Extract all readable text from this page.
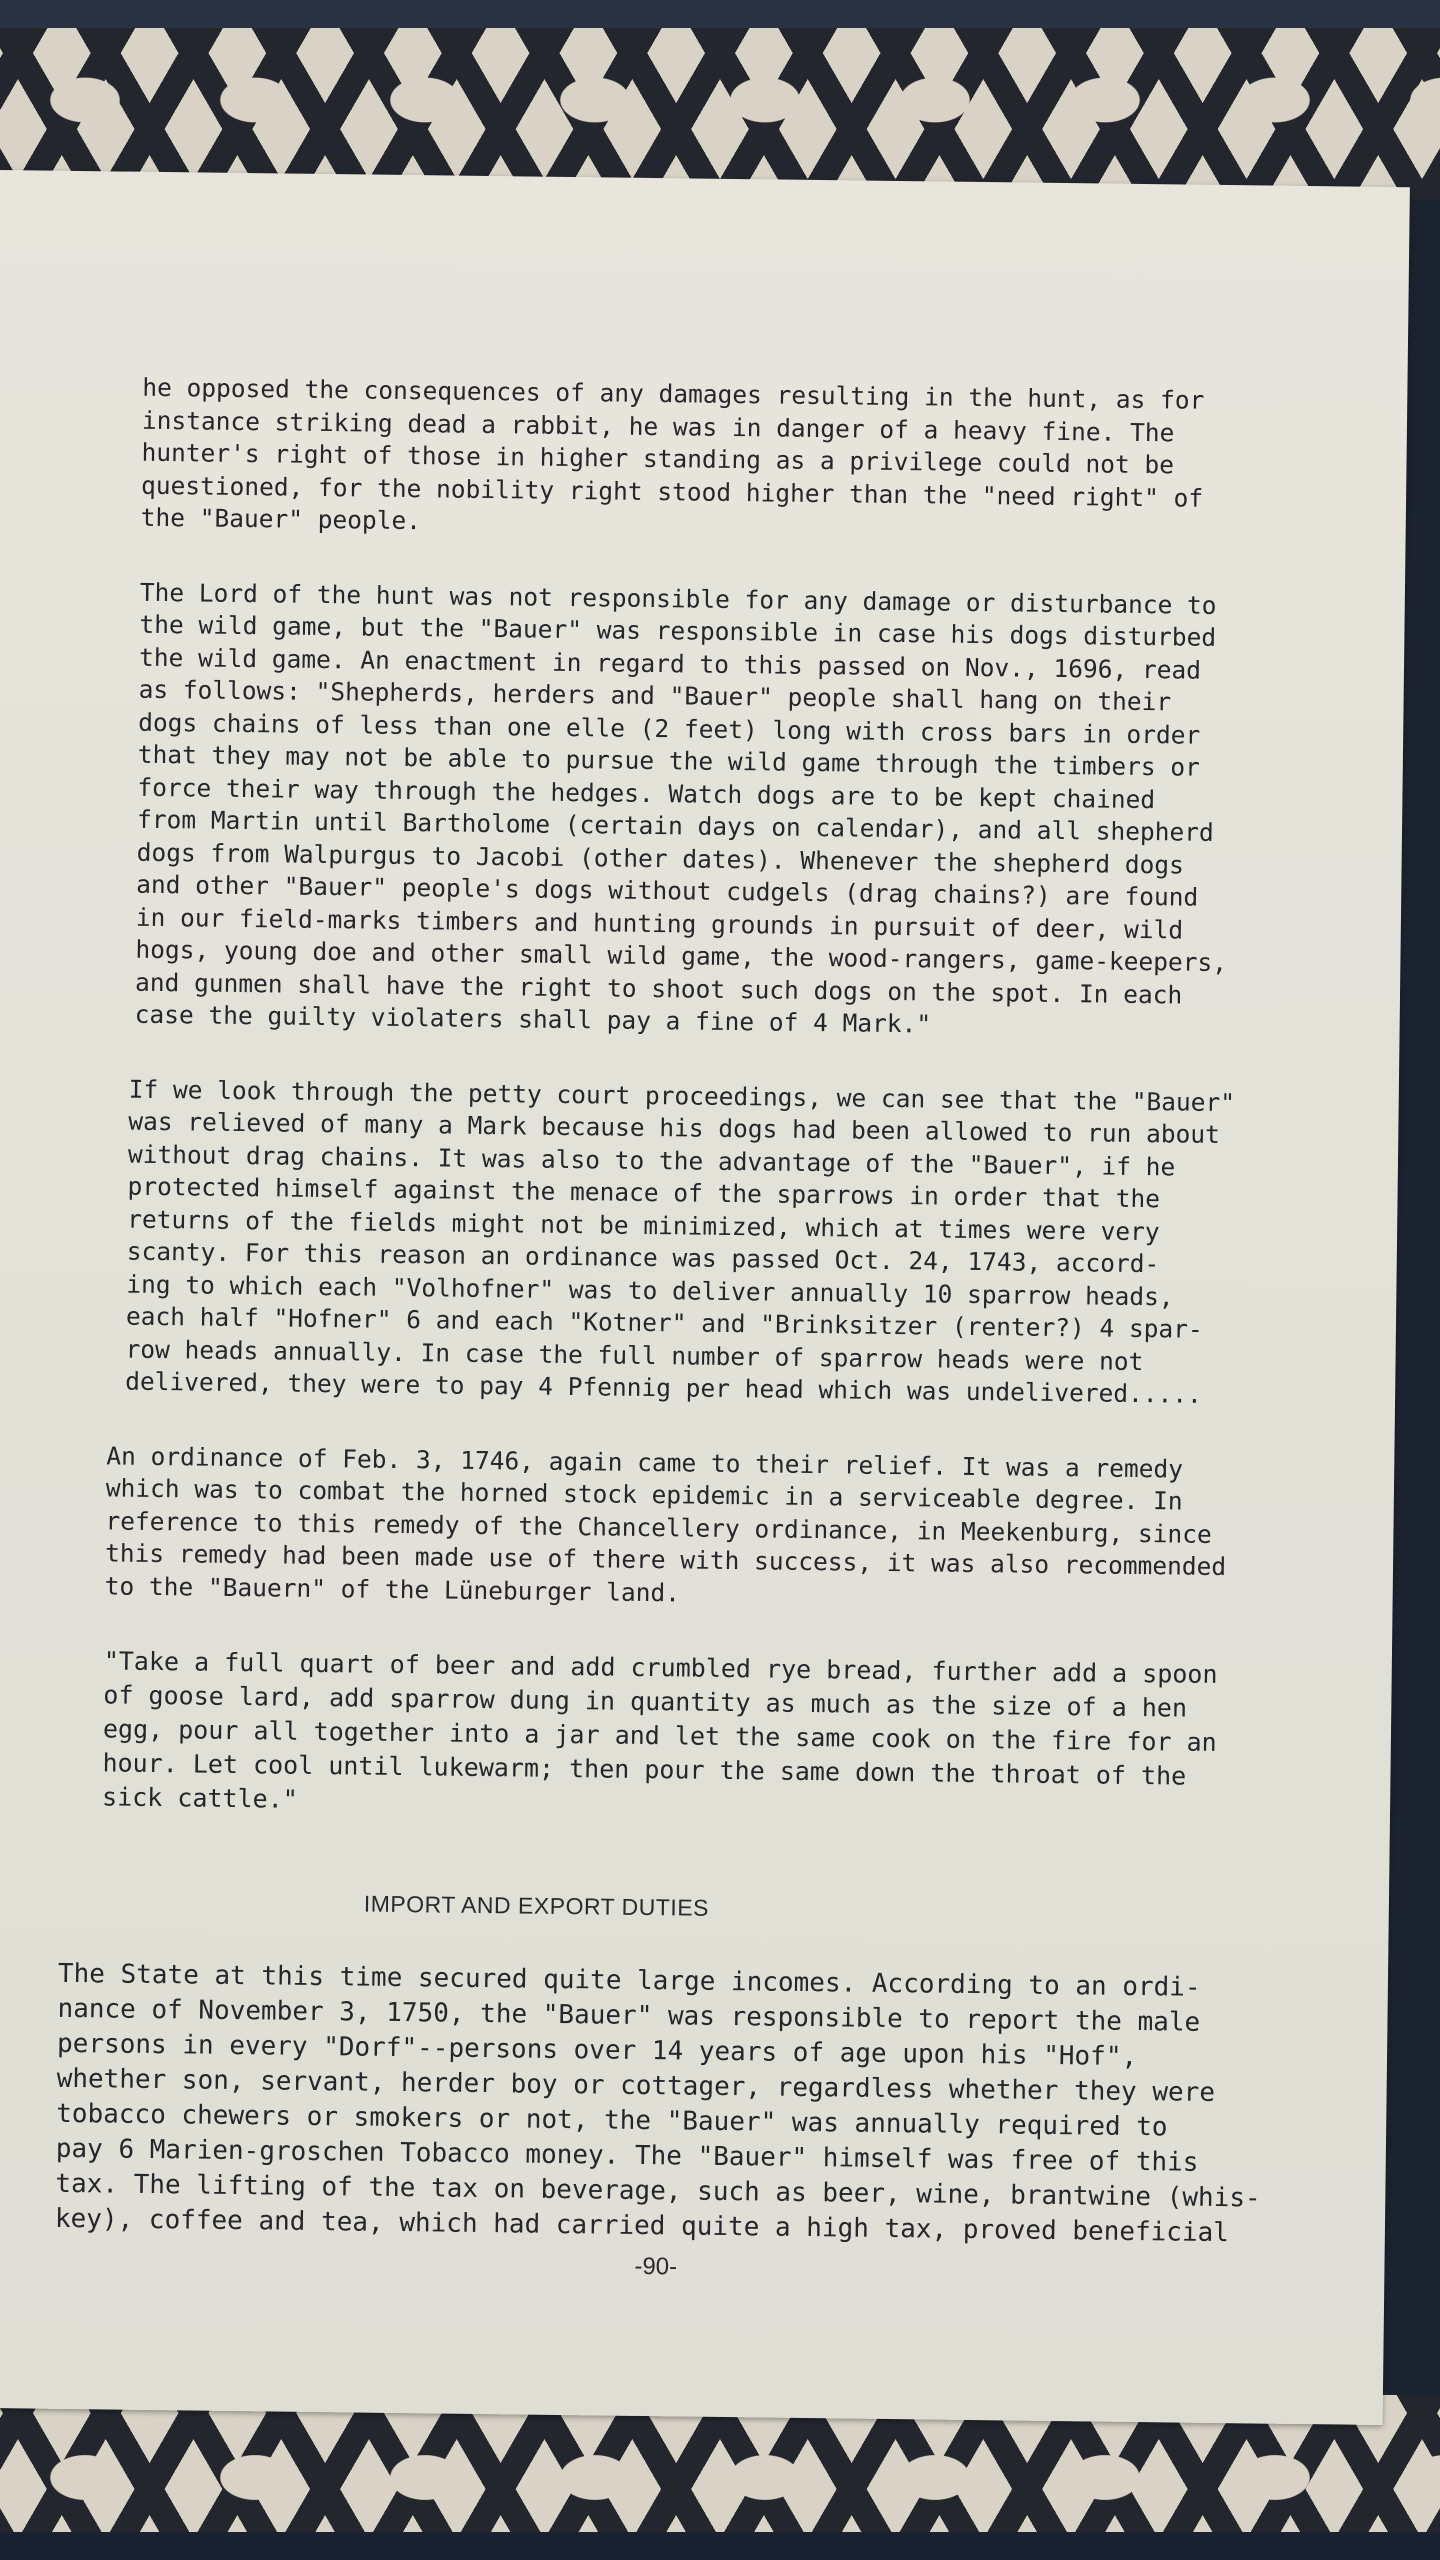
he opposed the consequences of any damages resulting in the hunt, as for
instance striking dead a rabbit, he was in danger of a heavy fine. The
hunter's right of those in higher standing as a privilege could not be
questioned, for the nobility right stood higher than the "need right" of
the "Bauer" people.

The Lord of the hunt was not responsible for any damage or disturbance to
the wild game, but the "Bauer" was responsible in case his dogs disturbed
the wild game. An enactment in regard to this passed on Nov., 1696, read
as follows: "Shepherds, herders and "Bauer" people shall hang on their
dogs chains of less than one elle (2 feet) long with cross bars in order
that they may not be able to pursue the wild game through the timbers or
force their way through the hedges. Watch dogs are to be kept chained
from Martin until Bartholome (certain days on calendar), and all shepherd
dogs from Walpurgus to Jacobi (other dates). Whenever the shepherd dogs
and other "Bauer" people's dogs without cudgels (drag chains?) are found
in our field-marks timbers and hunting grounds in pursuit of deer, wild
hogs, young doe and other small wild game, the wood-rangers, game-keepers,
and gunmen shall have the right to shoot such dogs on the spot. In each
case the guilty violaters shall pay a fine of 4 Mark."

If we look through the petty court proceedings, we can see that the "Bauer"
was relieved of many a Mark because his dogs had been allowed to run about
without drag chains. It was also to the advantage of the "Bauer", if he
protected himself against the menace of the sparrows in order that the
returns of the fields might not be minimized, which at times were very
scanty. For this reason an ordinance was passed Oct. 24, 1743, accord-
ing to which each "Volhofner" was to deliver annually 10 sparrow heads,
each half "Hofner" 6 and each "Kotner" and "Brinksitzer (renter?) 4 spar-
row heads annually. In case the full number of sparrow heads were not
delivered, they were to pay 4 Pfennig per head which was undelivered.....

An ordinance of Feb. 3, 1746, again came to their relief. It was a remedy
which was to combat the horned stock epidemic in a serviceable degree. In
reference to this remedy of the Chancellery ordinance, in Meekenburg, since
this remedy had been made use of there with success, it was also recommended
to the "Bauern" of the Lüneburger land.

"Take a full quart of beer and add crumbled rye bread, further add a spoon
of goose lard, add sparrow dung in quantity as much as the size of a hen
egg, pour all together into a jar and let the same cook on the fire for an
hour. Let cool until lukewarm; then pour the same down the throat of the
sick cattle."

IMPORT AND EXPORT DUTIES

The State at this time secured quite large incomes. According to an ordi-
nance of November 3, 1750, the "Bauer" was responsible to report the male
persons in every "Dorf"--persons over 14 years of age upon his "Hof",
whether son, servant, herder boy or cottager, regardless whether they were
tobacco chewers or smokers or not, the "Bauer" was annually required to
pay 6 Marien-groschen Tobacco money. The "Bauer" himself was free of this
tax. The lifting of the tax on beverage, such as beer, wine, brantwine (whis-
key), coffee and tea, which had carried quite a high tax, proved beneficial

-90-
